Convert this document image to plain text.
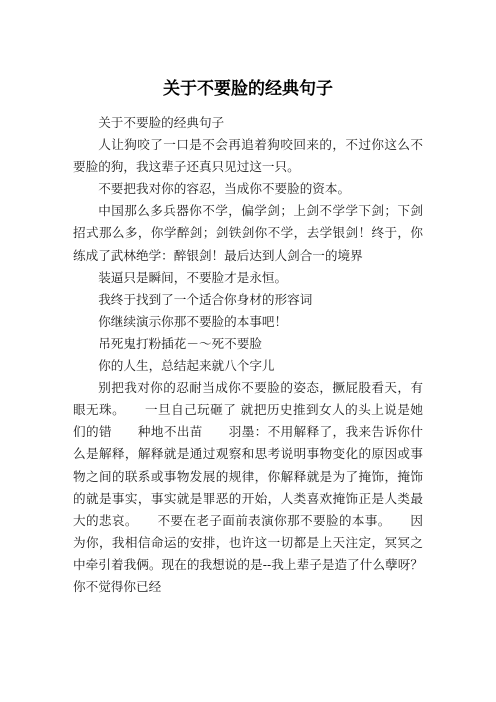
关于不要脸的经典句子

关于不要脸的经典句子

人让狗咬了一口是不会再追着狗咬回来的，不过你这么不要脸的狗，我这辈子还真只见过这一只。

不要把我对你的容忍，当成你不要脸的资本。

中国那么多兵器你不学，偏学剑；上剑不学学下剑；下剑招式那么多，你学醉剑；剑铁剑你不学，去学银剑！终于，你练成了武林绝学：醉银剑！最后达到人剑合一的境界

装逼只是瞬间，不要脸才是永恒。

我终于找到了一个适合你身材的形容词

你继续演示你那不要脸的本事吧！

吊死鬼打粉插花－～死不要脸

你的人生，总结起来就八个字儿

别把我对你的忍耐当成你不要脸的姿态，撅屁股看天，有眼无珠。　　一旦自己玩砸了 就把历史推到女人的头上说是她们的错　　种地不出苗　　羽墨：不用解释了，我来告诉你什么是解释，解释就是通过观察和思考说明事物变化的原因或事物之间的联系或事物发展的规律，你解释就是为了掩饰，掩饰的就是事实，事实就是罪恶的开始，人类喜欢掩饰正是人类最大的悲哀。　　不要在老子面前表演你那不要脸的本事。　　因为你，我相信命运的安排，也许这一切都是上天注定，冥冥之中牵引着我俩。现在的我想说的是--我上辈子是造了什么孽呀？　　你不觉得你已经
